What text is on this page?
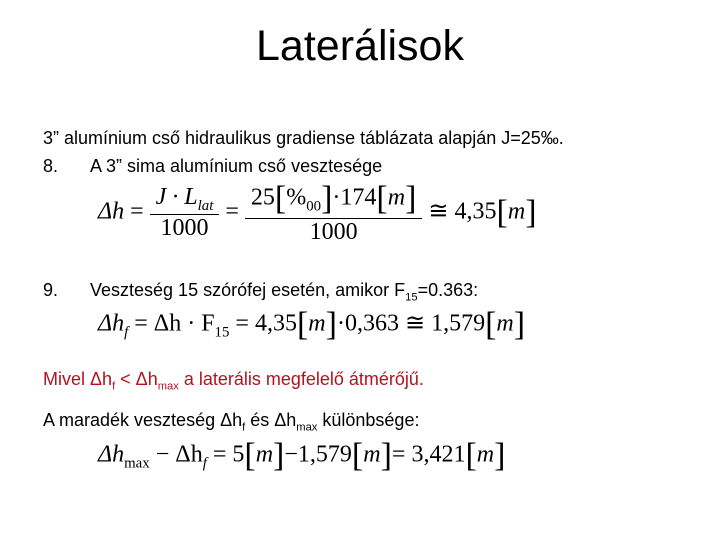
Laterálisok
3” alumínium cső hidraulikus gradiense táblázata alapján J=25‰.
8. A 3” sima alumínium cső vesztesége
$\Delta h = \frac{J \cdot L_{lat}}{1000} = \frac{25[\%_{00}]\cdot 174[m]}{1000}$ ≅ 4,35[m]
9. Veszteség 15 szórófej esetén, amikor $F_{15}=0.363$:
$\Delta h_f = \Delta h \cdot F_{15} = 4,35[m]\cdot 0,363$ ≅ 1,579[m]
Mivel $\Delta h_f < \Delta h_{max}$ a laterális megfelelő átmérőjű.
A maradék veszteség $\Delta h_f$ és $\Delta h_{max}$ különbsége:
$\Delta h_{max} - \Delta h_f = 5[m]-1,579[m]= 3,421[m]$
